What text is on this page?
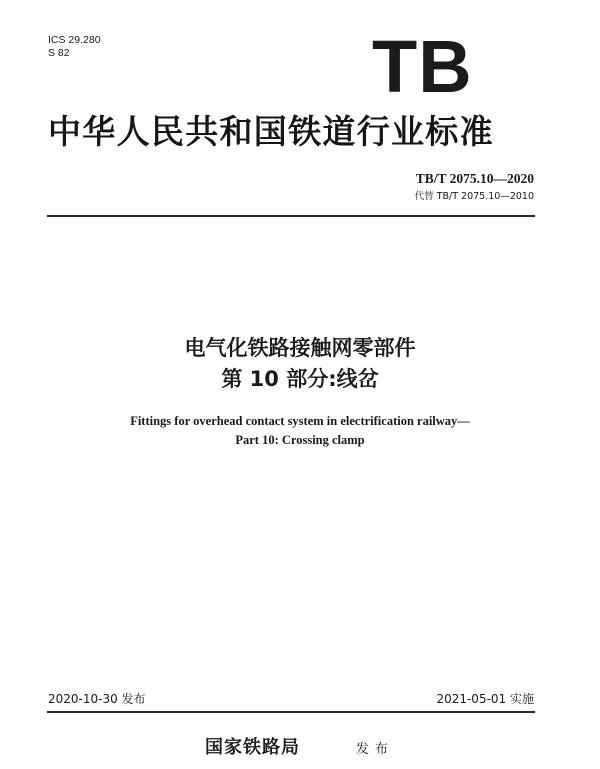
ICS 29.280
S 82	TB
中华人民共和国铁道行业标准
TB/T 2075.10—2020
代替 TB/T 2075.10—2010
电气化铁路接触网零部件
第 10 部分:线岔
Fittings for overhead contact system in electrification railway—
Part 10: Crossing clamp
2020-10-30 发布	2021-05-01 实施
国家铁路局	发布
